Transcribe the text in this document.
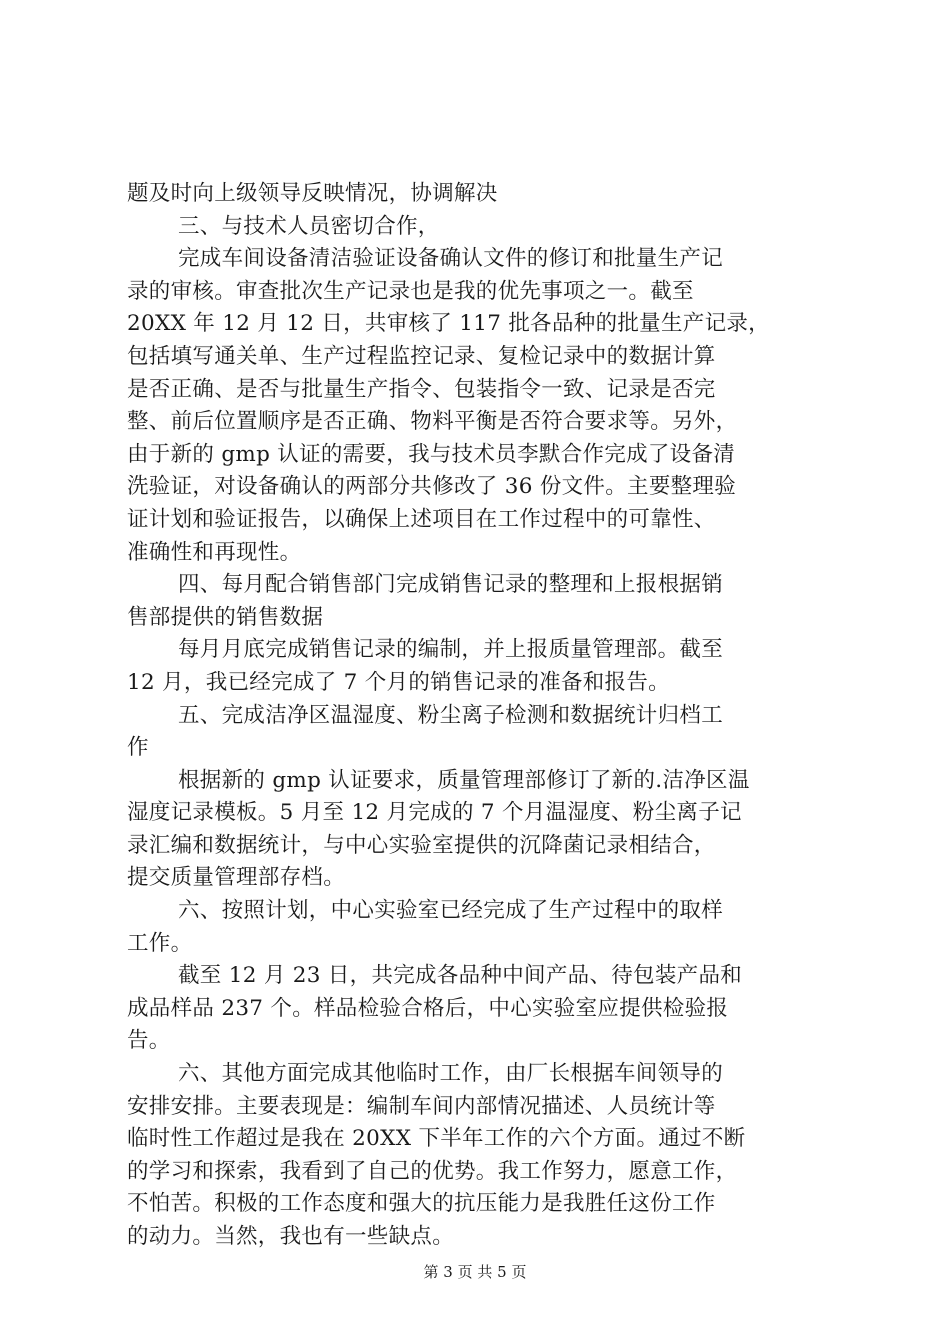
题及时向上级领导反映情况，协调解决
三、与技术人员密切合作，
完成车间设备清洁验证设备确认文件的修订和批量生产记
录的审核。审查批次生产记录也是我的优先事项之一。截至
20XX 年 12 月 12 日，共审核了 117 批各品种的批量生产记录，
包括填写通关单、生产过程监控记录、复检记录中的数据计算
是否正确、是否与批量生产指令、包装指令一致、记录是否完
整、前后位置顺序是否正确、物料平衡是否符合要求等。另外，
由于新的 gmp 认证的需要，我与技术员李默合作完成了设备清
洗验证，对设备确认的两部分共修改了 36 份文件。主要整理验
证计划和验证报告，以确保上述项目在工作过程中的可靠性、
准确性和再现性。
四、每月配合销售部门完成销售记录的整理和上报根据销
售部提供的销售数据
每月月底完成销售记录的编制，并上报质量管理部。截至
12 月，我已经完成了 7 个月的销售记录的准备和报告。
五、完成洁净区温湿度、粉尘离子检测和数据统计归档工
作
根据新的 gmp 认证要求，质量管理部修订了新的.洁净区温
湿度记录模板。5 月至 12 月完成的 7 个月温湿度、粉尘离子记
录汇编和数据统计，与中心实验室提供的沉降菌记录相结合，
提交质量管理部存档。
六、按照计划，中心实验室已经完成了生产过程中的取样
工作。
截至 12 月 23 日，共完成各品种中间产品、待包装产品和
成品样品 237 个。样品检验合格后，中心实验室应提供检验报
告。
六、其他方面完成其他临时工作，由厂长根据车间领导的
安排安排。主要表现是：编制车间内部情况描述、人员统计等
临时性工作超过是我在 20XX 下半年工作的六个方面。通过不断
的学习和探索，我看到了自己的优势。我工作努力，愿意工作，
不怕苦。积极的工作态度和强大的抗压能力是我胜任这份工作
的动力。当然，我也有一些缺点。
第 3 页 共 5 页
